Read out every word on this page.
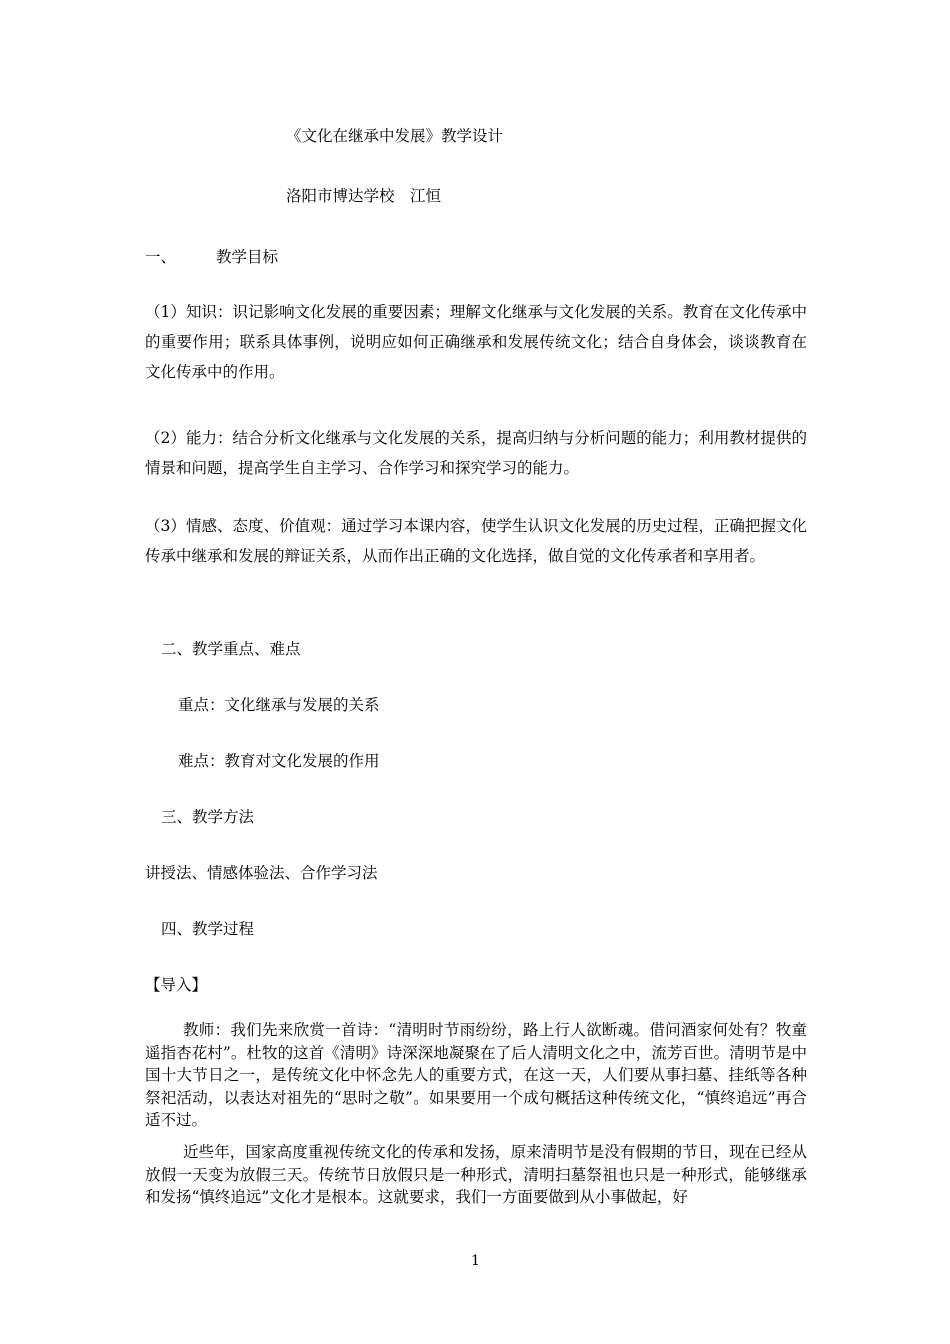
《文化在继承中发展》教学设计

洛阳市博达学校　江恒

一、	教学目标

（1）知识：识记影响文化发展的重要因素；理解文化继承与文化发展的关系。教育在文化传承中的重要作用；联系具体事例，说明应如何正确继承和发展传统文化；结合自身体会，谈谈教育在文化传承中的作用。

（2）能力：结合分析文化继承与文化发展的关系，提高归纳与分析问题的能力；利用教材提供的情景和问题，提高学生自主学习、合作学习和探究学习的能力。

（3）情感、态度、价值观：通过学习本课内容，使学生认识文化发展的历史过程，正确把握文化传承中继承和发展的辩证关系，从而作出正确的文化选择，做自觉的文化传承者和享用者。

二、教学重点、难点

重点：文化继承与发展的关系

难点：教育对文化发展的作用

三、教学方法

讲授法、情感体验法、合作学习法

四、教学过程

【导入】

教师：我们先来欣赏一首诗：“清明时节雨纷纷，路上行人欲断魂。借问酒家何处有？牧童遥指杏花村”。杜牧的这首《清明》诗深深地凝聚在了后人清明文化之中，流芳百世。清明节是中国十大节日之一，是传统文化中怀念先人的重要方式，在这一天，人们要从事扫墓、挂纸等各种祭祀活动，以表达对祖先的“思时之敬”。如果要用一个成句概括这种传统文化，“慎终追远”再合适不过。

近些年，国家高度重视传统文化的传承和发扬，原来清明节是没有假期的节日，现在已经从放假一天变为放假三天。传统节日放假只是一种形式，清明扫墓祭祖也只是一种形式，能够继承和发扬“慎终追远”文化才是根本。这就要求，我们一方面要做到从小事做起，好

1
